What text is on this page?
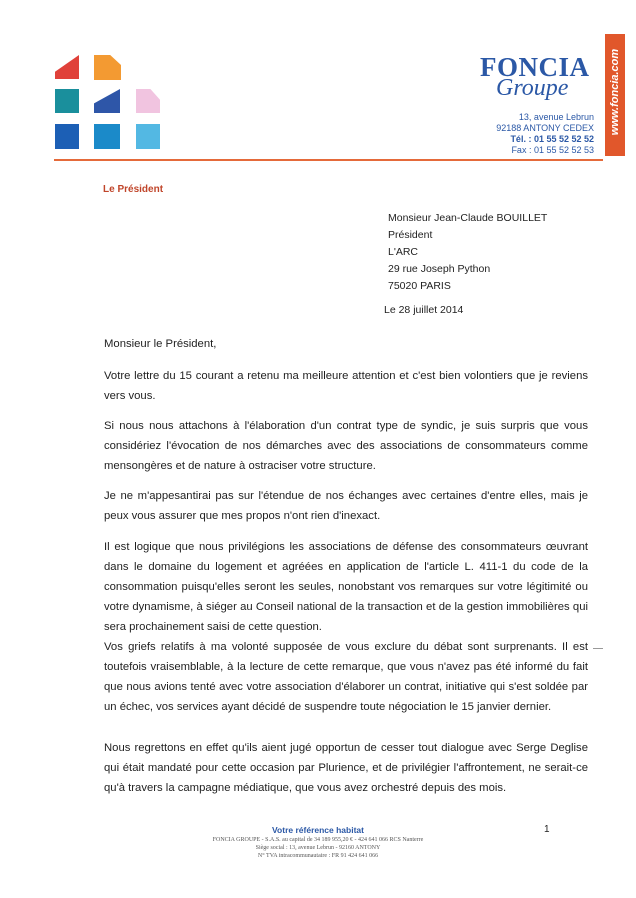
FONCIA
Groupe
13, avenue Lebrun
92188 ANTONY CEDEX
Tél. : 01 55 52 52 52
Fax : 01 55 52 52 53
www.foncia.com
Le Président
Monsieur Jean-Claude BOUILLET
Président
L'ARC
29 rue Joseph Python
75020 PARIS
Le 28 juillet 2014
Monsieur le Président,
Votre lettre du 15 courant a retenu ma meilleure attention et c'est bien volontiers que je reviens vers vous.
Si nous nous attachons à l'élaboration d'un contrat type de syndic, je suis surpris que vous considériez l'évocation de nos démarches avec des associations de consommateurs comme mensongères et de nature à ostraciser votre structure.
Je ne m'appesantirai pas sur l'étendue de nos échanges avec certaines d'entre elles, mais je peux vous assurer que mes propos n'ont rien d'inexact.
Il est logique que nous privilégions les associations de défense des consommateurs œuvrant dans le domaine du logement et agréées en application de l'article L. 411-1 du code de la consommation puisqu'elles seront les seules, nonobstant vos remarques sur votre légitimité ou votre dynamisme, à siéger au Conseil national de la transaction et de la gestion immobilières qui sera prochainement saisi de cette question.
Vos griefs relatifs à ma volonté supposée de vous exclure du débat sont surprenants. Il est toutefois vraisemblable, à la lecture de cette remarque, que vous n'avez pas été informé du fait que nous avions tenté avec votre association d'élaborer un contrat, initiative qui s'est soldée par un échec, vos services ayant décidé de suspendre toute négociation le 15 janvier dernier.
Nous regrettons en effet qu'ils aient jugé opportun de cesser tout dialogue avec Serge Deglise qui était mandaté pour cette occasion par Plurience, et de privilégier l'affrontement, ne serait-ce qu'à travers la campagne médiatique, que vous avez orchestré depuis des mois.
Votre référence habitat	1
FONCIA GROUPE - S.A.S. au capital de 34 189 955,20 € - 424 641 066 RCS Nanterre
Siège social : 13, avenue Lebrun - 92160 ANTONY
N° TVA intracommunautaire : FR 91 424 641 066
